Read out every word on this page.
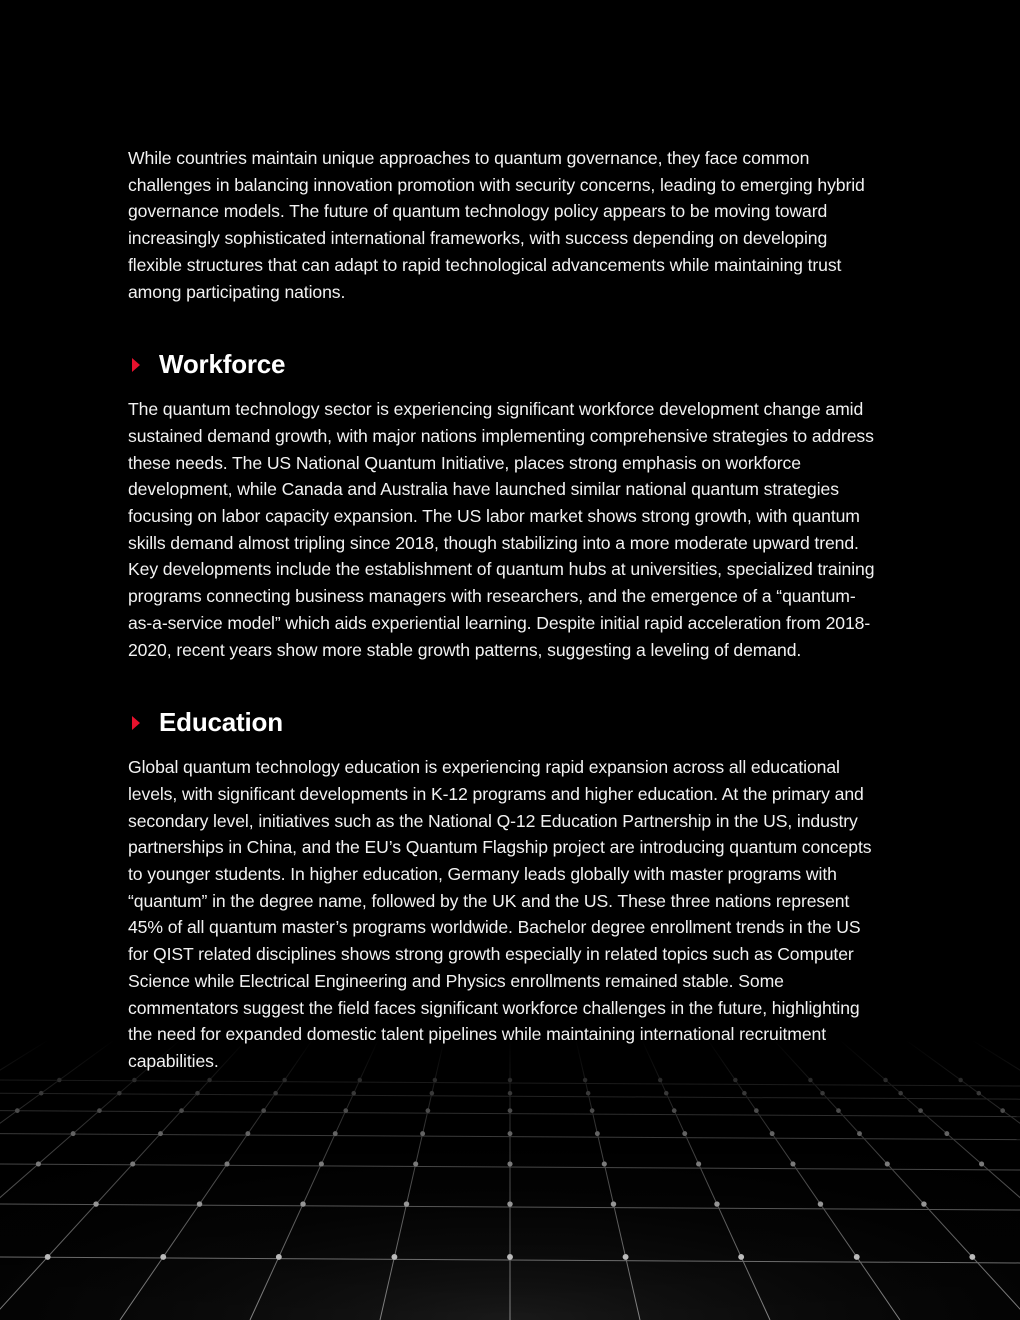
While countries maintain unique approaches to quantum governance, they face common challenges in balancing innovation promotion with security concerns, leading to emerging hybrid governance models. The future of quantum technology policy appears to be moving toward increasingly sophisticated international frameworks, with success depending on developing flexible structures that can adapt to rapid technological advancements while maintaining trust among participating nations.

Workforce

The quantum technology sector is experiencing significant workforce development change amid sustained demand growth, with major nations implementing comprehensive strategies to address these needs. The US National Quantum Initiative, places strong emphasis on workforce development, while Canada and Australia have launched similar national quantum strategies focusing on labor capacity expansion. The US labor market shows strong growth, with quantum skills demand almost tripling since 2018, though stabilizing into a more moderate upward trend. Key developments include the establishment of quantum hubs at universities, specialized training programs connecting business managers with researchers, and the emergence of a “quantum-as-a-service model” which aids experiential learning. Despite initial rapid acceleration from 2018-2020, recent years show more stable growth patterns, suggesting a leveling of demand.

Education

Global quantum technology education is experiencing rapid expansion across all educational levels, with significant developments in K-12 programs and higher education. At the primary and secondary level, initiatives such as the National Q-12 Education Partnership in the US, industry partnerships in China, and the EU’s Quantum Flagship project are introducing quantum concepts to younger students. In higher education, Germany leads globally with master programs with “quantum” in the degree name, followed by the UK and the US. These three nations represent 45% of all quantum master’s programs worldwide. Bachelor degree enrollment trends in the US for QIST related disciplines shows strong growth especially in related topics such as Computer Science while Electrical Engineering and Physics enrollments remained stable. Some commentators suggest the field faces significant workforce challenges in the future, highlighting the need for expanded domestic talent pipelines while maintaining international recruitment capabilities.
